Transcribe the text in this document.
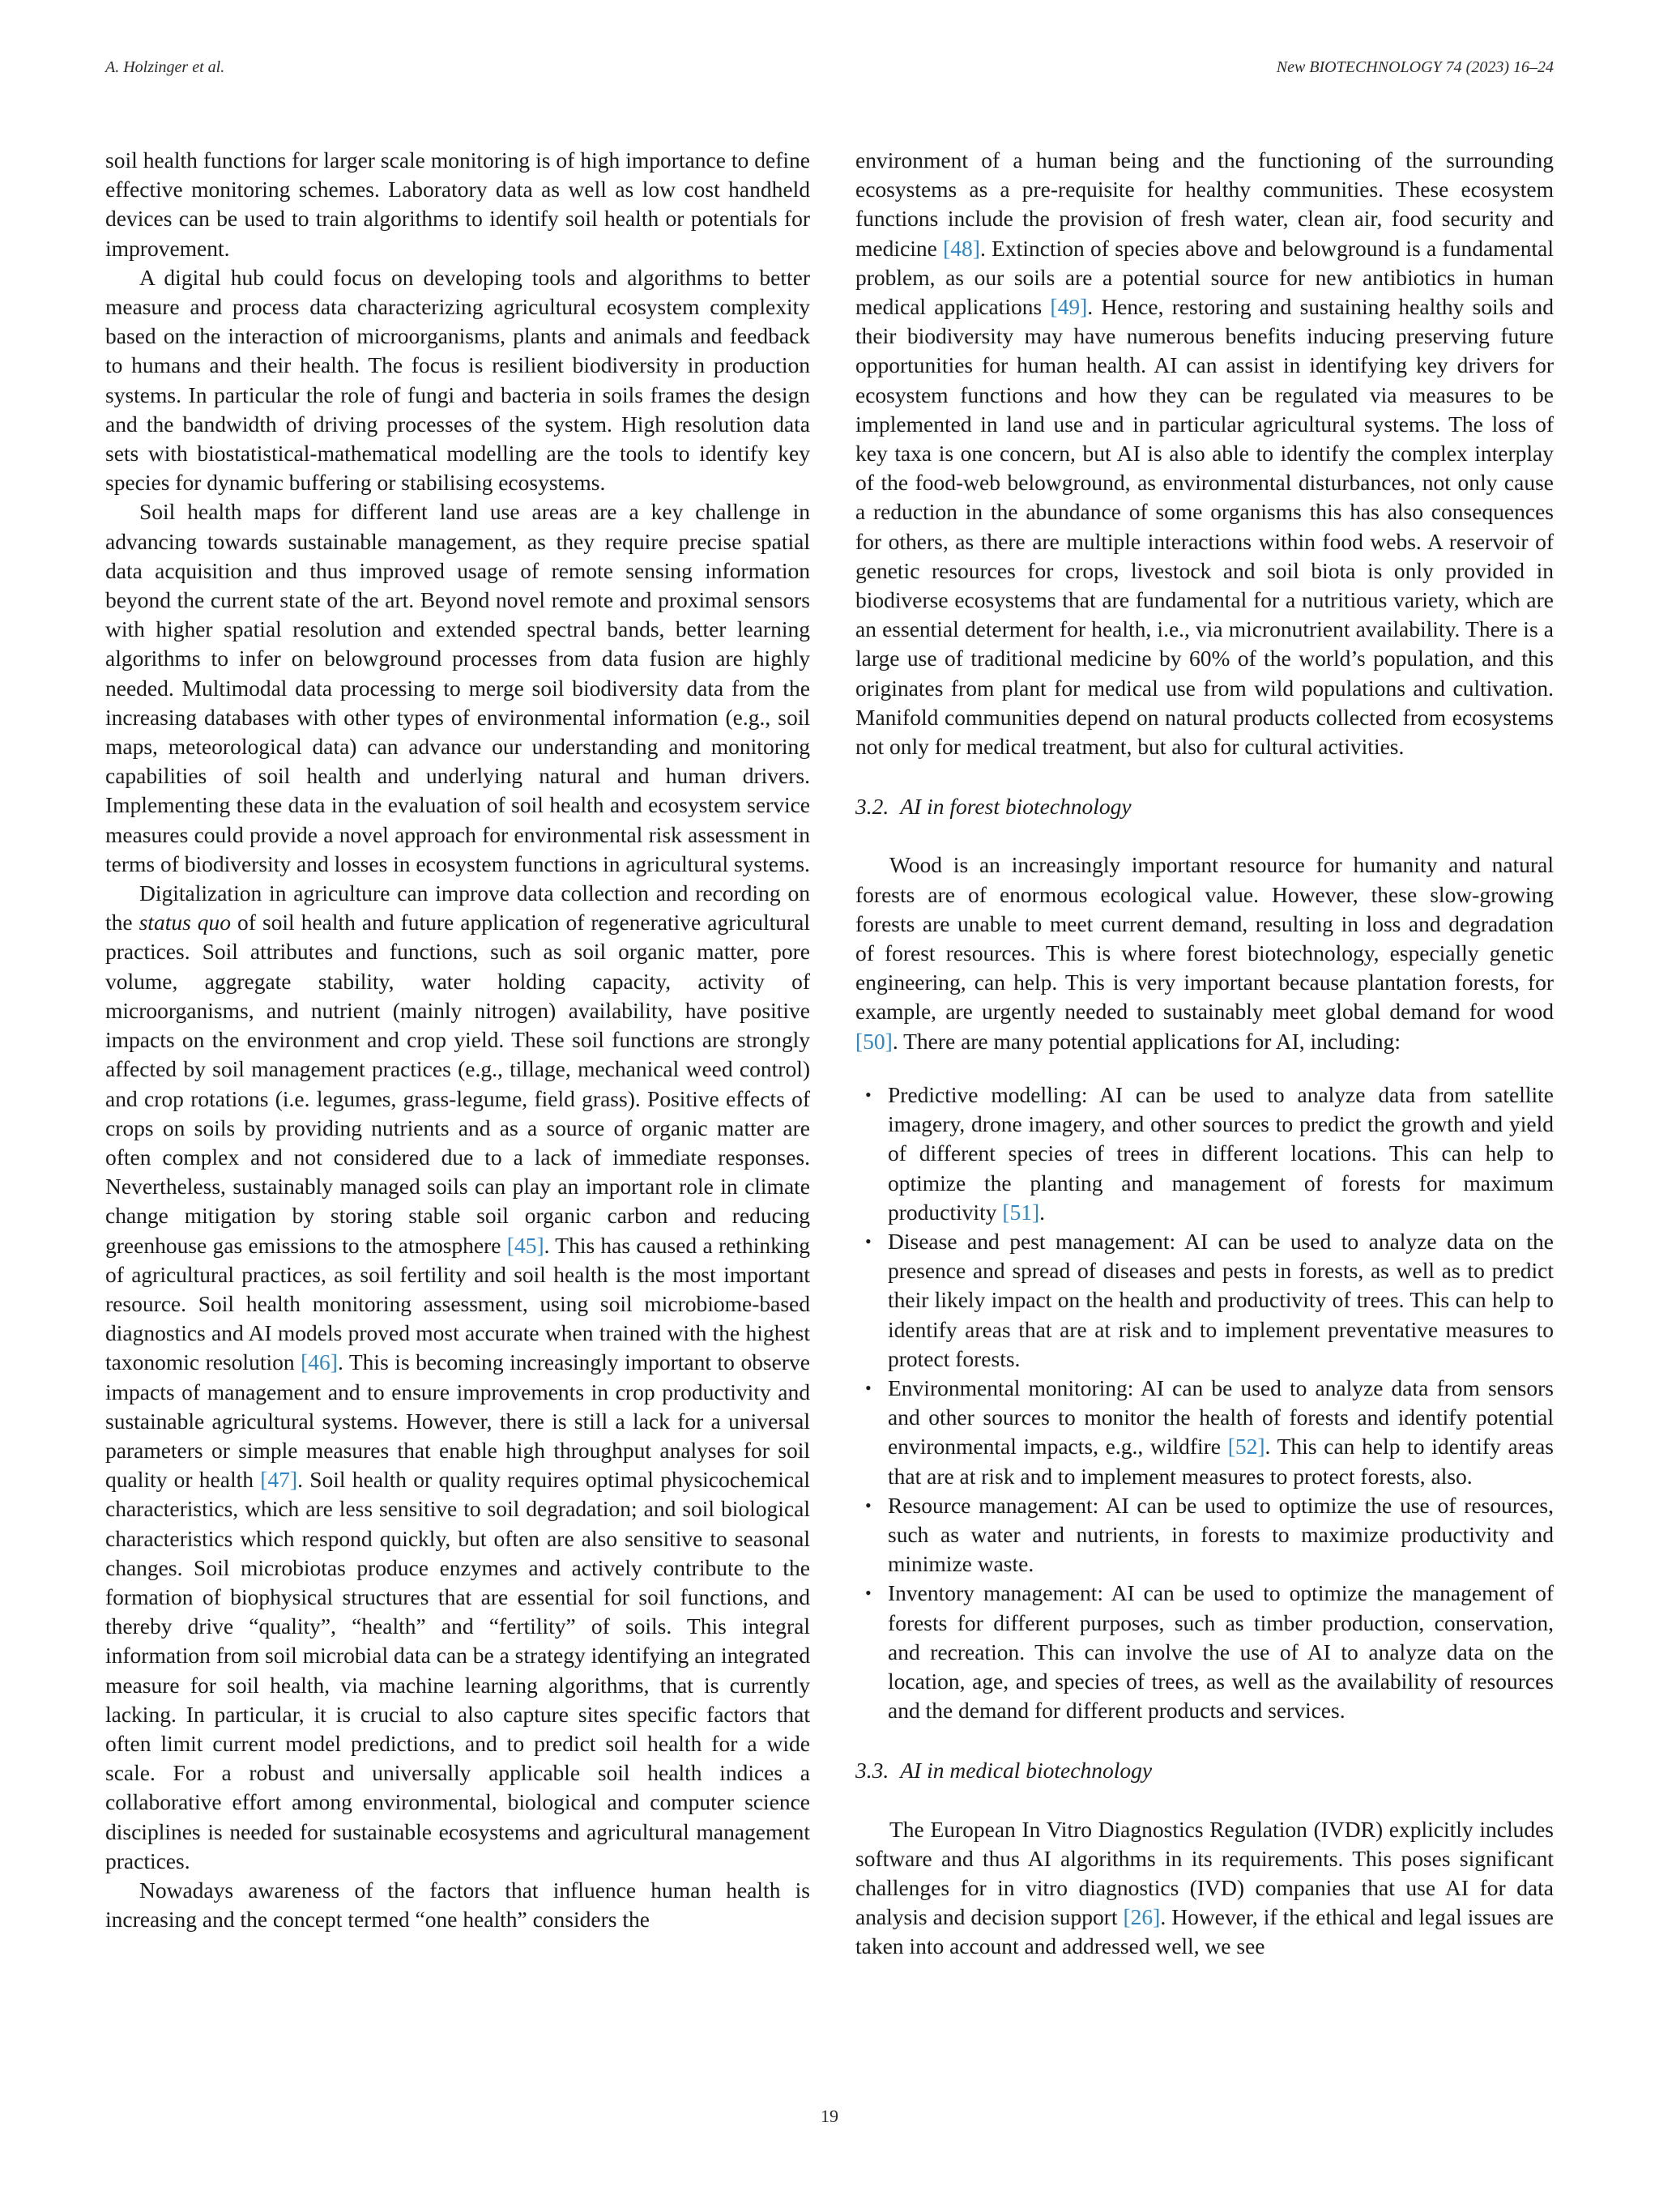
A. Holzinger et al.	New BIOTECHNOLOGY 74 (2023) 16–24

soil health functions for larger scale monitoring is of high importance to define effective monitoring schemes. Laboratory data as well as low cost handheld devices can be used to train algorithms to identify soil health or potentials for improvement.

A digital hub could focus on developing tools and algorithms to better measure and process data characterizing agricultural ecosystem complexity based on the interaction of microorganisms, plants and animals and feedback to humans and their health. The focus is resilient biodiversity in production systems. In particular the role of fungi and bacteria in soils frames the design and the bandwidth of driving processes of the system. High resolution data sets with biostatistical-mathematical modelling are the tools to identify key species for dynamic buffering or stabilising ecosystems.

Soil health maps for different land use areas are a key challenge in advancing towards sustainable management, as they require precise spatial data acquisition and thus improved usage of remote sensing information beyond the current state of the art. Beyond novel remote and proximal sensors with higher spatial resolution and extended spectral bands, better learning algorithms to infer on belowground processes from data fusion are highly needed. Multimodal data processing to merge soil biodiversity data from the increasing databases with other types of environmental information (e.g., soil maps, meteorological data) can advance our understanding and monitoring capabilities of soil health and underlying natural and human drivers. Implementing these data in the evaluation of soil health and ecosystem service measures could provide a novel approach for environmental risk assessment in terms of biodiversity and losses in ecosystem functions in agricultural systems.

Digitalization in agriculture can improve data collection and recording on the status quo of soil health and future application of regenerative agricultural practices. Soil attributes and functions, such as soil organic matter, pore volume, aggregate stability, water holding capacity, activity of microorganisms, and nutrient (mainly nitrogen) availability, have positive impacts on the environment and crop yield. These soil functions are strongly affected by soil management practices (e.g., tillage, mechanical weed control) and crop rotations (i.e. legumes, grass-legume, field grass). Positive effects of crops on soils by providing nutrients and as a source of organic matter are often complex and not considered due to a lack of immediate responses. Nevertheless, sustainably managed soils can play an important role in climate change mitigation by storing stable soil organic carbon and reducing greenhouse gas emissions to the atmosphere [45]. This has caused a rethinking of agricultural practices, as soil fertility and soil health is the most important resource. Soil health monitoring assessment, using soil microbiome-based diagnostics and AI models proved most accurate when trained with the highest taxonomic resolution [46]. This is becoming increasingly important to observe impacts of management and to ensure improvements in crop productivity and sustainable agricultural systems. However, there is still a lack for a universal parameters or simple measures that enable high throughput analyses for soil quality or health [47]. Soil health or quality requires optimal physicochemical characteristics, which are less sensitive to soil degradation; and soil biological characteristics which respond quickly, but often are also sensitive to seasonal changes. Soil microbiotas produce enzymes and actively contribute to the formation of biophysical structures that are essential for soil functions, and thereby drive “quality”, “health” and “fertility” of soils. This integral information from soil microbial data can be a strategy identifying an integrated measure for soil health, via machine learning algorithms, that is currently lacking. In particular, it is crucial to also capture sites specific factors that often limit current model predictions, and to predict soil health for a wide scale. For a robust and universally applicable soil health indices a collaborative effort among environmental, biological and computer science disciplines is needed for sustainable ecosystems and agricultural management practices.

Nowadays awareness of the factors that influence human health is increasing and the concept termed “one health” considers the

environment of a human being and the functioning of the surrounding ecosystems as a pre-requisite for healthy communities. These ecosystem functions include the provision of fresh water, clean air, food security and medicine [48]. Extinction of species above and belowground is a fundamental problem, as our soils are a potential source for new antibiotics in human medical applications [49]. Hence, restoring and sustaining healthy soils and their biodiversity may have numerous benefits inducing preserving future opportunities for human health. AI can assist in identifying key drivers for ecosystem functions and how they can be regulated via measures to be implemented in land use and in particular agricultural systems. The loss of key taxa is one concern, but AI is also able to identify the complex interplay of the food-web belowground, as environmental disturbances, not only cause a reduction in the abundance of some organisms this has also consequences for others, as there are multiple interactions within food webs. A reservoir of genetic resources for crops, livestock and soil biota is only provided in biodiverse ecosystems that are fundamental for a nutritious variety, which are an essential determent for health, i.e., via micronutrient availability. There is a large use of traditional medicine by 60% of the world’s population, and this originates from plant for medical use from wild populations and cultivation. Manifold communities depend on natural products collected from ecosystems not only for medical treatment, but also for cultural activities.

3.2. AI in forest biotechnology

Wood is an increasingly important resource for humanity and natural forests are of enormous ecological value. However, these slow-growing forests are unable to meet current demand, resulting in loss and degradation of forest resources. This is where forest biotechnology, especially genetic engineering, can help. This is very important because plantation forests, for example, are urgently needed to sustainably meet global demand for wood [50]. There are many potential applications for AI, including:

• Predictive modelling: AI can be used to analyze data from satellite imagery, drone imagery, and other sources to predict the growth and yield of different species of trees in different locations. This can help to optimize the planting and management of forests for maximum productivity [51].
• Disease and pest management: AI can be used to analyze data on the presence and spread of diseases and pests in forests, as well as to predict their likely impact on the health and productivity of trees. This can help to identify areas that are at risk and to implement preventative measures to protect forests.
• Environmental monitoring: AI can be used to analyze data from sensors and other sources to monitor the health of forests and identify potential environmental impacts, e.g., wildfire [52]. This can help to identify areas that are at risk and to implement measures to protect forests, also.
• Resource management: AI can be used to optimize the use of resources, such as water and nutrients, in forests to maximize productivity and minimize waste.
• Inventory management: AI can be used to optimize the management of forests for different purposes, such as timber production, conservation, and recreation. This can involve the use of AI to analyze data on the location, age, and species of trees, as well as the availability of resources and the demand for different products and services.
3.3. AI in medical biotechnology

The European In Vitro Diagnostics Regulation (IVDR) explicitly includes software and thus AI algorithms in its requirements. This poses significant challenges for in vitro diagnostics (IVD) companies that use AI for data analysis and decision support [26]. However, if the ethical and legal issues are taken into account and addressed well, we see

19
